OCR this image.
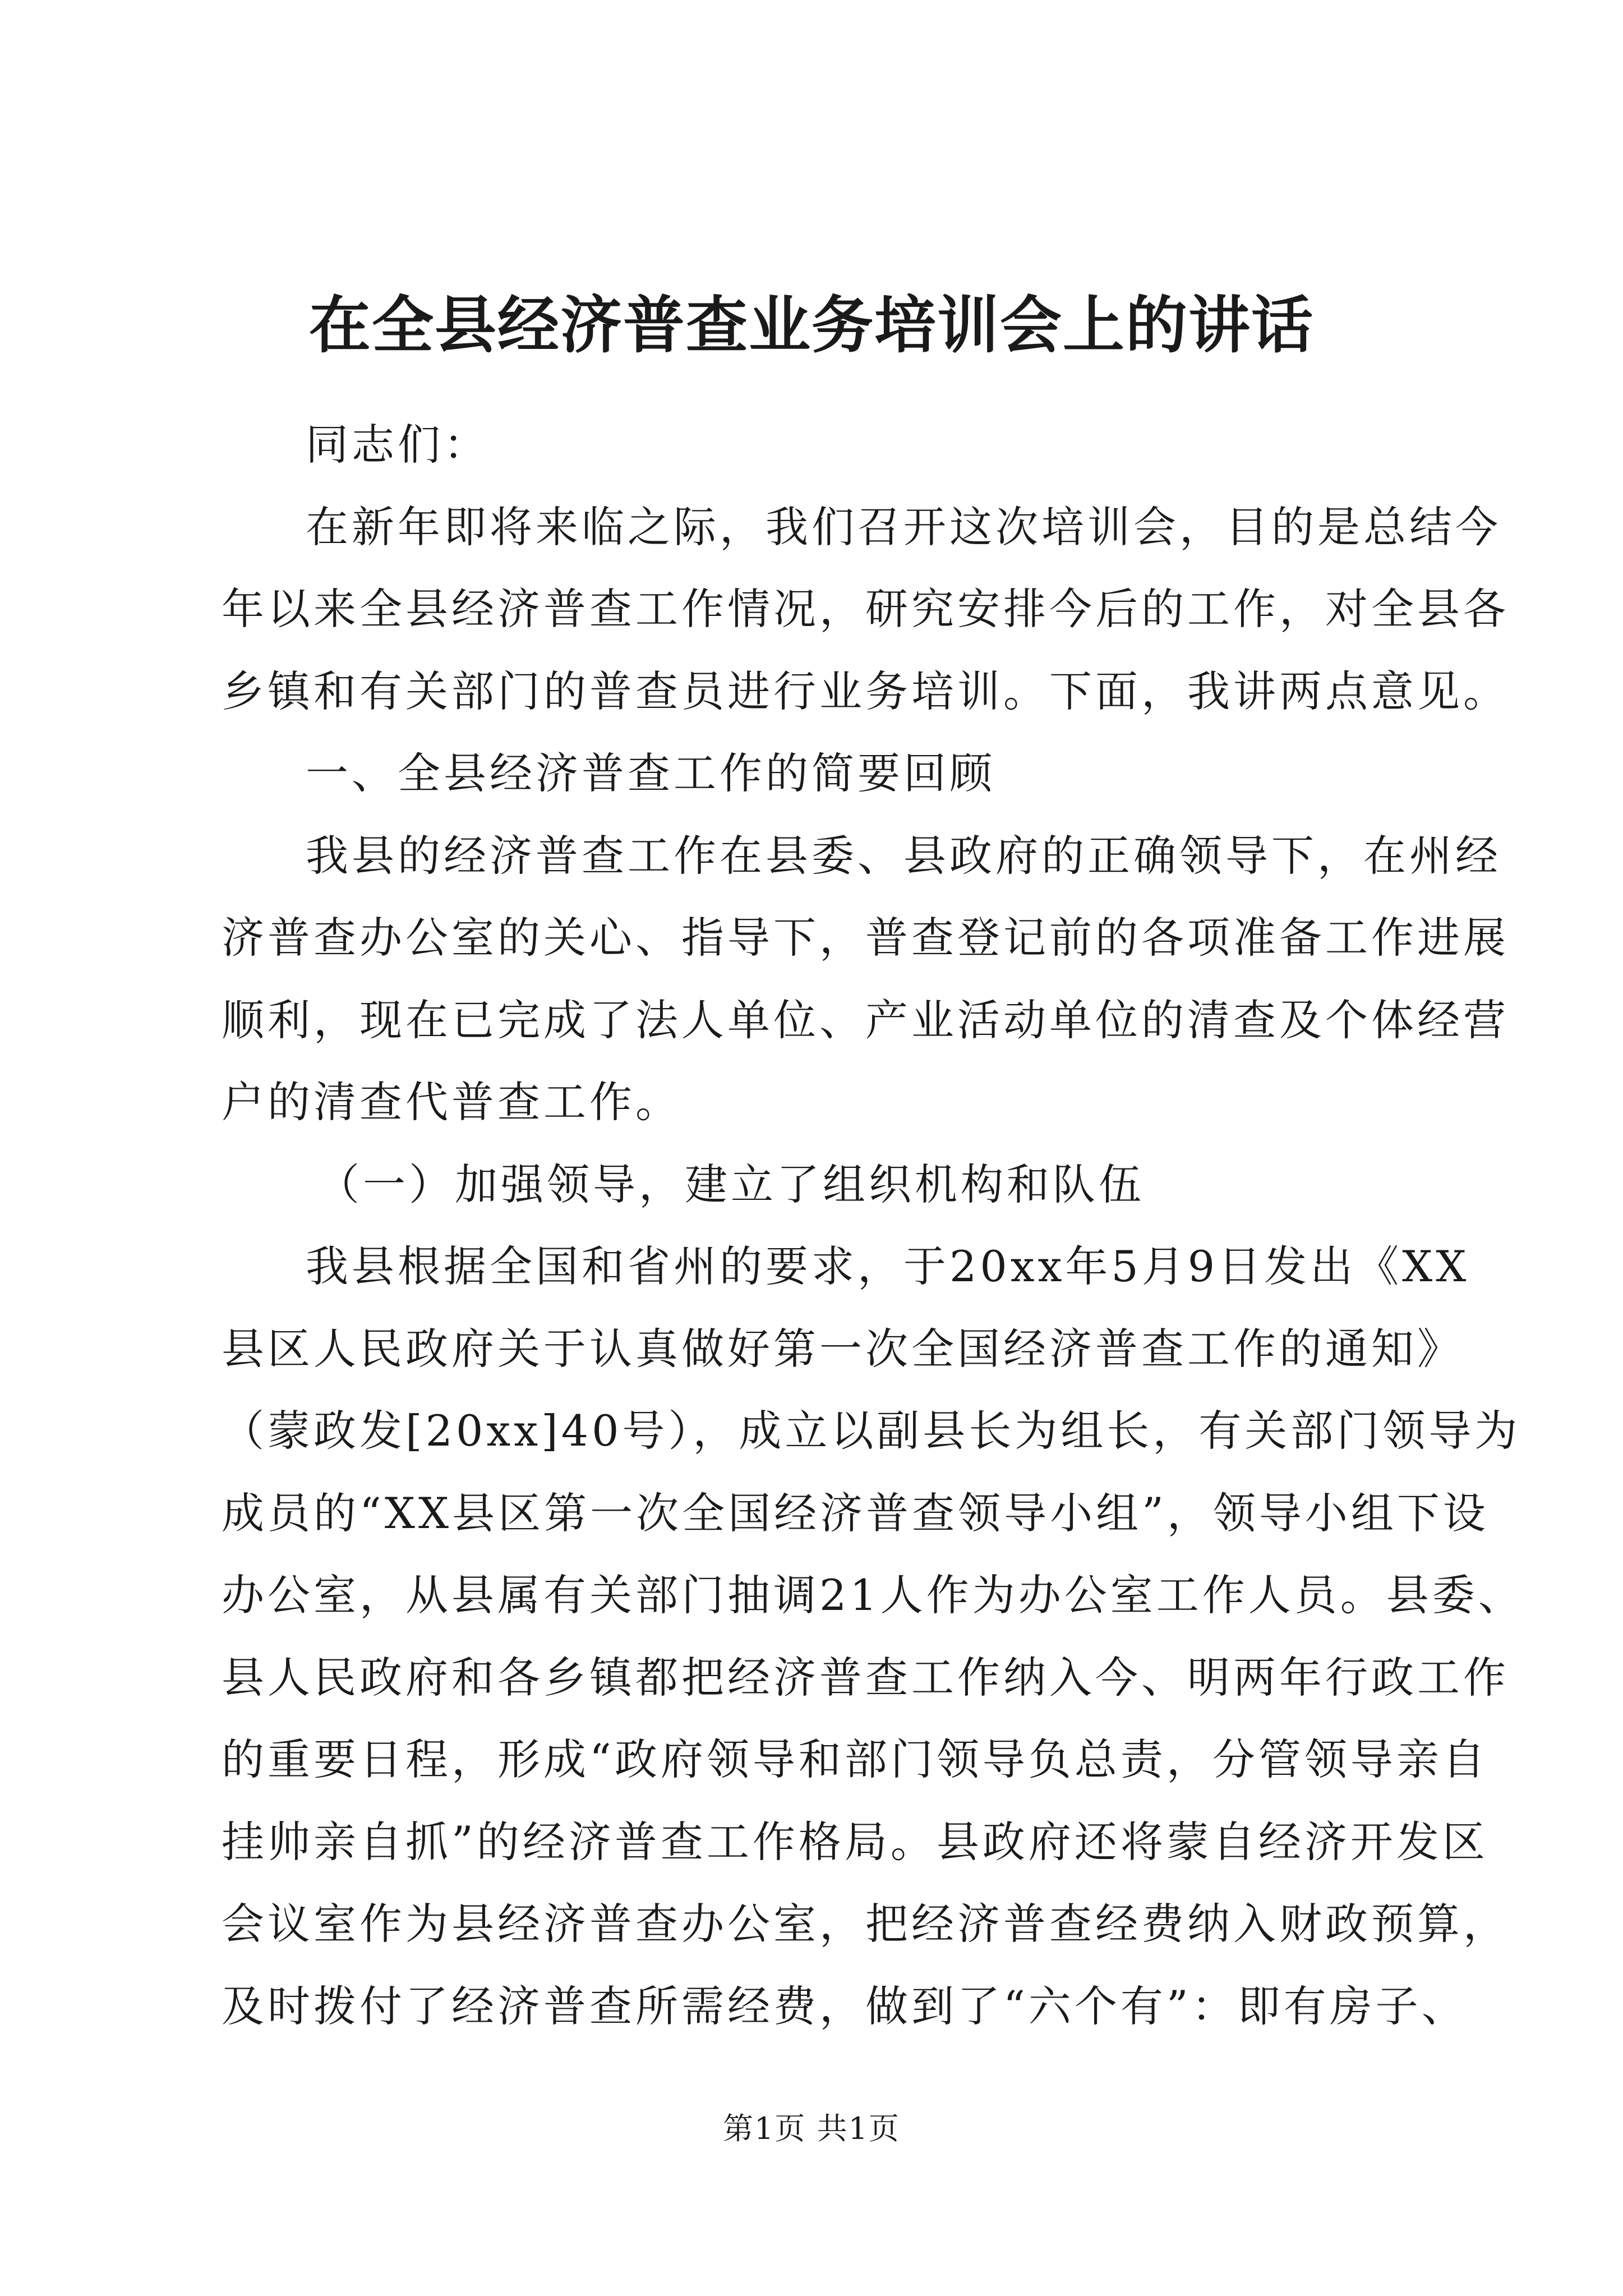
在全县经济普查业务培训会上的讲话
同志们：
在新年即将来临之际，我们召开这次培训会，目的是总结今
年以来全县经济普查工作情况，研究安排今后的工作，对全县各
乡镇和有关部门的普查员进行业务培训。下面，我讲两点意见。
一、全县经济普查工作的简要回顾
我县的经济普查工作在县委、县政府的正确领导下，在州经
济普查办公室的关心、指导下，普查登记前的各项准备工作进展
顺利，现在已完成了法人单位、产业活动单位的清查及个体经营
户的清查代普查工作。
（一）加强领导，建立了组织机构和队伍
我县根据全国和省州的要求，于20xx年5月9日发出《XX
县区人民政府关于认真做好第一次全国经济普查工作的通知》
（蒙政发[20xx]40号），成立以副县长为组长，有关部门领导为
成员的“XX县区第一次全国经济普查领导小组”，领导小组下设
办公室，从县属有关部门抽调21人作为办公室工作人员。县委、
县人民政府和各乡镇都把经济普查工作纳入今、明两年行政工作
的重要日程，形成“政府领导和部门领导负总责，分管领导亲自
挂帅亲自抓”的经济普查工作格局。县政府还将蒙自经济开发区
会议室作为县经济普查办公室，把经济普查经费纳入财政预算，
及时拨付了经济普查所需经费，做到了“六个有”：即有房子、
第1页 共1页
